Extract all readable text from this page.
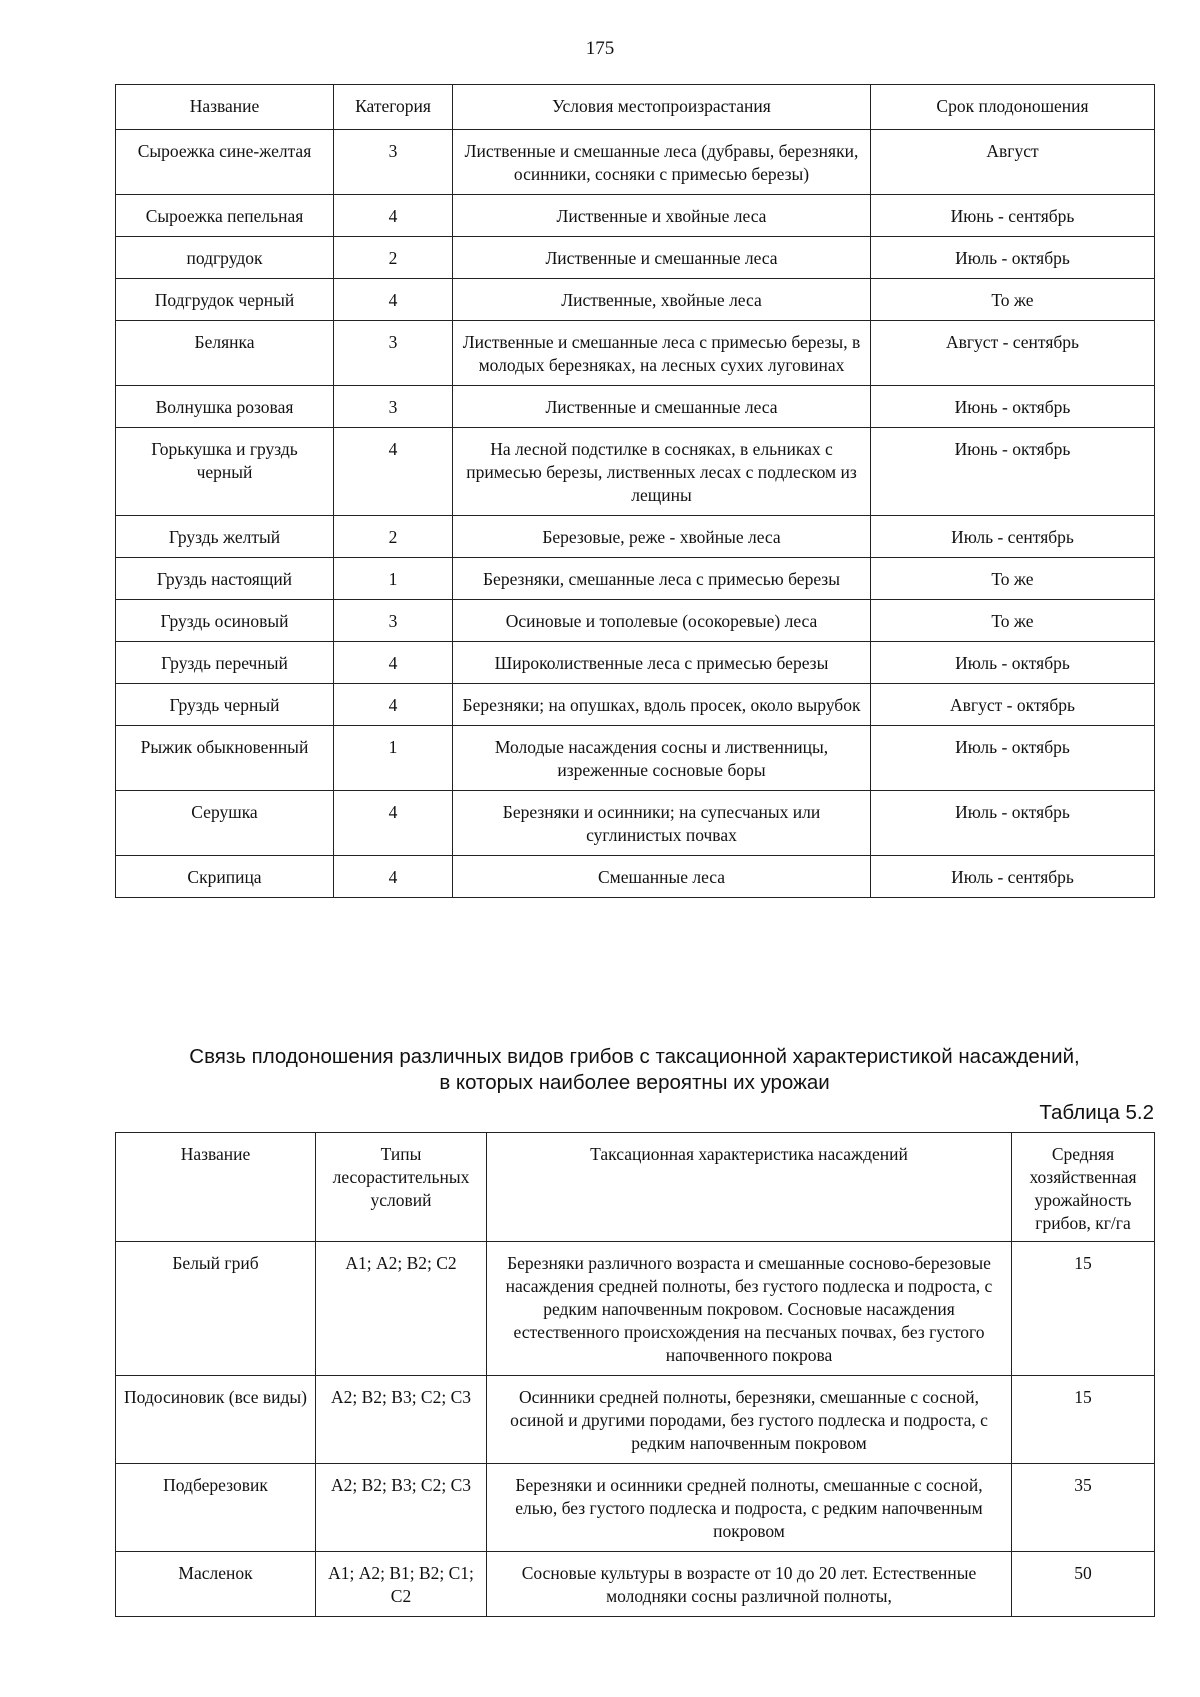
175
Название	Категория	Условия местопроизрастания	Срок плодоношения
Сыроежка сине-желтая	3	Лиственные и смешанные леса (дубравы, березняки, осинники, сосняки с примесью березы)	Август
Сыроежка пепельная	4	Лиственные и хвойные леса	Июнь - сентябрь
подгрудок	2	Лиственные и смешанные леса	Июль - октябрь
Подгрудок черный	4	Лиственные, хвойные леса	То же
Белянка	3	Лиственные и смешанные леса с примесью березы, в молодых березняках, на лесных сухих луговинах	Август - сентябрь
Волнушка розовая	3	Лиственные и смешанные леса	Июнь - октябрь
Горькушка и груздь черный	4	На лесной подстилке в сосняках, в ельниках с примесью березы, лиственных лесах с подлеском из лещины	Июнь - октябрь
Груздь желтый	2	Березовые, реже - хвойные леса	Июль - сентябрь
Груздь настоящий	1	Березняки, смешанные леса с примесью березы	То же
Груздь осиновый	3	Осиновые и тополевые (осокоревые) леса	То же
Груздь перечный	4	Широколиственные леса с примесью березы	Июль - октябрь
Груздь черный	4	Березняки; на опушках, вдоль просек, около вырубок	Август - октябрь
Рыжик обыкновенный	1	Молодые насаждения сосны и лиственницы, изреженные сосновые боры	Июль - октябрь
Серушка	4	Березняки и осинники; на супесчаных или суглинистых почвах	Июль - октябрь
Скрипица	4	Смешанные леса	Июль - сентябрь
Связь плодоношения различных видов грибов с таксационной характеристикой насаждений,
в которых наиболее вероятны их урожаи
Таблица 5.2
Название	Типы лесорастительных условий	Таксационная характеристика насаждений	Средняя хозяйственная урожайность грибов, кг/га
Белый гриб	А1; А2; В2; С2	Березняки различного возраста и смешанные сосново-березовые насаждения средней полноты, без густого подлеска и подроста, с редким напочвенным покровом. Сосновые насаждения естественного происхождения на песчаных почвах, без густого напочвенного покрова	15
Подосиновик (все виды)	А2; В2; В3; С2; С3	Осинники средней полноты, березняки, смешанные с сосной, осиной и другими породами, без густого подлеска и подроста, с редким напочвенным покровом	15
Подберезовик	А2; В2; В3; С2; С3	Березняки и осинники средней полноты, смешанные с сосной, елью, без густого подлеска и подроста, с редким напочвенным покровом	35
Масленок	А1; А2; В1; В2; С1; С2	Сосновые культуры в возрасте от 10 до 20 лет. Естественные молодняки сосны различной полноты,	50
